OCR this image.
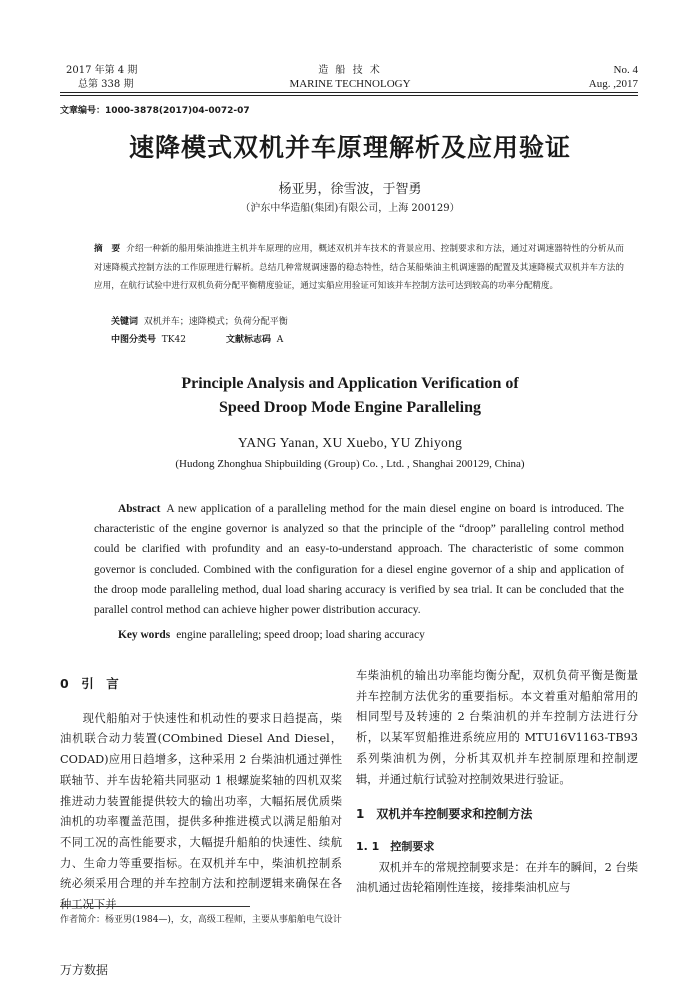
2017 年第 4 期
总第 338 期
造 船 技 术
MARINE TECHNOLOGY
No. 4
Aug. ,2017
文章编号：1000-3878(2017)04-0072-07
速降模式双机并车原理解析及应用验证
杨亚男，徐雪波，于智勇
（沪东中华造船(集团)有限公司，上海 200129）
摘　要 介绍一种新的船用柴油推进主机并车原理的应用，概述双机并车技术的背景应用、控制要求和方法，通过对调速器特性的分析从而对速降模式控制方法的工作原理进行解析。总结几种常规调速器的稳态特性，结合某船柴油主机调速器的配置及其速降模式双机并车方法的应用，在航行试验中进行双机负荷分配平衡精度验证，通过实船应用验证可知该并车控制方法可达到较高的功率分配精度。
关键词 双机并车；速降模式；负荷分配平衡
中图分类号 TK42	文献标志码 A
Principle Analysis and Application Verification of
Speed Droop Mode Engine Paralleling
YANG Yanan, XU Xuebo, YU Zhiyong
(Hudong Zhonghua Shipbuilding (Group) Co. , Ltd. , Shanghai 200129, China)
Abstract A new application of a paralleling method for the main diesel engine on board is introduced. The characteristic of the engine governor is analyzed so that the principle of the “droop” paralleling control method could be clarified with profundity and an easy-to-understand approach. The characteristic of some common governor is concluded. Combined with the configuration for a diesel engine governor of a ship and application of the droop mode paralleling method, dual load sharing accuracy is verified by sea trial. It can be concluded that the parallel control method can achieve higher power distribution accuracy.
Key words engine paralleling; speed droop; load sharing accuracy
0　引　言

现代船舶对于快速性和机动性的要求日趋提高，柴油机联合动力装置(COmbined Diesel And Diesel，CODAD)应用日趋增多，这种采用 2 台柴油机通过弹性联轴节、并车齿轮箱共同驱动 1 根螺旋桨轴的四机双桨推进动力装置能提供较大的输出功率，大幅拓展优质柴油机的功率覆盖范围，提供多种推进模式以满足船舶对不同工况的高性能要求，大幅提升船舶的快速性、续航力、生命力等重要指标。在双机并车中，柴油机控制系统必须采用合理的并车控制方法和控制逻辑来确保在各种工况下并

车柴油机的输出功率能均衡分配，双机负荷平衡是衡量并车控制方法优劣的重要指标。本文着重对船舶常用的相同型号及转速的 2 台柴油机的并车控制方法进行分析，以某军贸船推进系统应用的 MTU16V1163-TB93 系列柴油机为例，分析其双机并车控制原理和控制逻辑，并通过航行试验对控制效果进行验证。

1　双机并车控制要求和控制方法
1. 1　控制要求

双机并车的常规控制要求是：在并车的瞬间，2 台柴油机通过齿轮箱刚性连接，接排柴油机应与

作者简介：杨亚男(1984—)，女，高级工程师，主要从事船舶电气设计
万方数据
